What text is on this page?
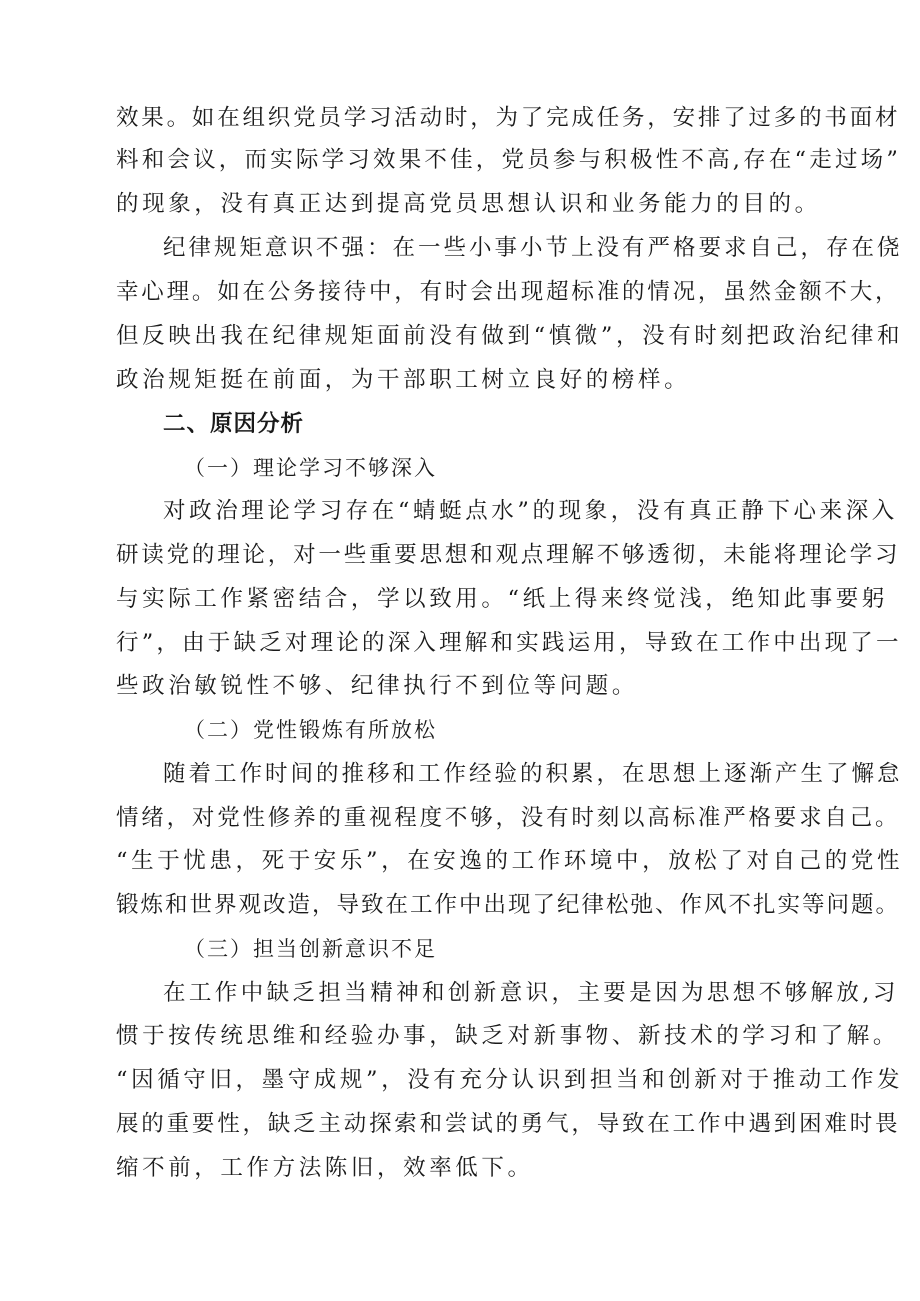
效果。如在组织党员学习活动时，为了完成任务，安排了过多的书面材
料和会议，而实际学习效果不佳，党员参与积极性不高,存在“走过场”
的现象，没有真正达到提高党员思想认识和业务能力的目的。
纪律规矩意识不强：在一些小事小节上没有严格要求自己，存在侥
幸心理。如在公务接待中，有时会出现超标准的情况，虽然金额不大，
但反映出我在纪律规矩面前没有做到“慎微”，没有时刻把政治纪律和
政治规矩挺在前面，为干部职工树立良好的榜样。
二、原因分析
（一）理论学习不够深入
对政治理论学习存在“蜻蜓点水”的现象，没有真正静下心来深入
研读党的理论，对一些重要思想和观点理解不够透彻，未能将理论学习
与实际工作紧密结合，学以致用。“纸上得来终觉浅，绝知此事要躬
行”，由于缺乏对理论的深入理解和实践运用，导致在工作中出现了一
些政治敏锐性不够、纪律执行不到位等问题。
（二）党性锻炼有所放松
随着工作时间的推移和工作经验的积累，在思想上逐渐产生了懈怠
情绪，对党性修养的重视程度不够，没有时刻以高标准严格要求自己。
“生于忧患，死于安乐”，在安逸的工作环境中，放松了对自己的党性
锻炼和世界观改造，导致在工作中出现了纪律松弛、作风不扎实等问题。
（三）担当创新意识不足
在工作中缺乏担当精神和创新意识，主要是因为思想不够解放,习
惯于按传统思维和经验办事，缺乏对新事物、新技术的学习和了解。
“因循守旧，墨守成规”，没有充分认识到担当和创新对于推动工作发
展的重要性，缺乏主动探索和尝试的勇气，导致在工作中遇到困难时畏
缩不前，工作方法陈旧，效率低下。
